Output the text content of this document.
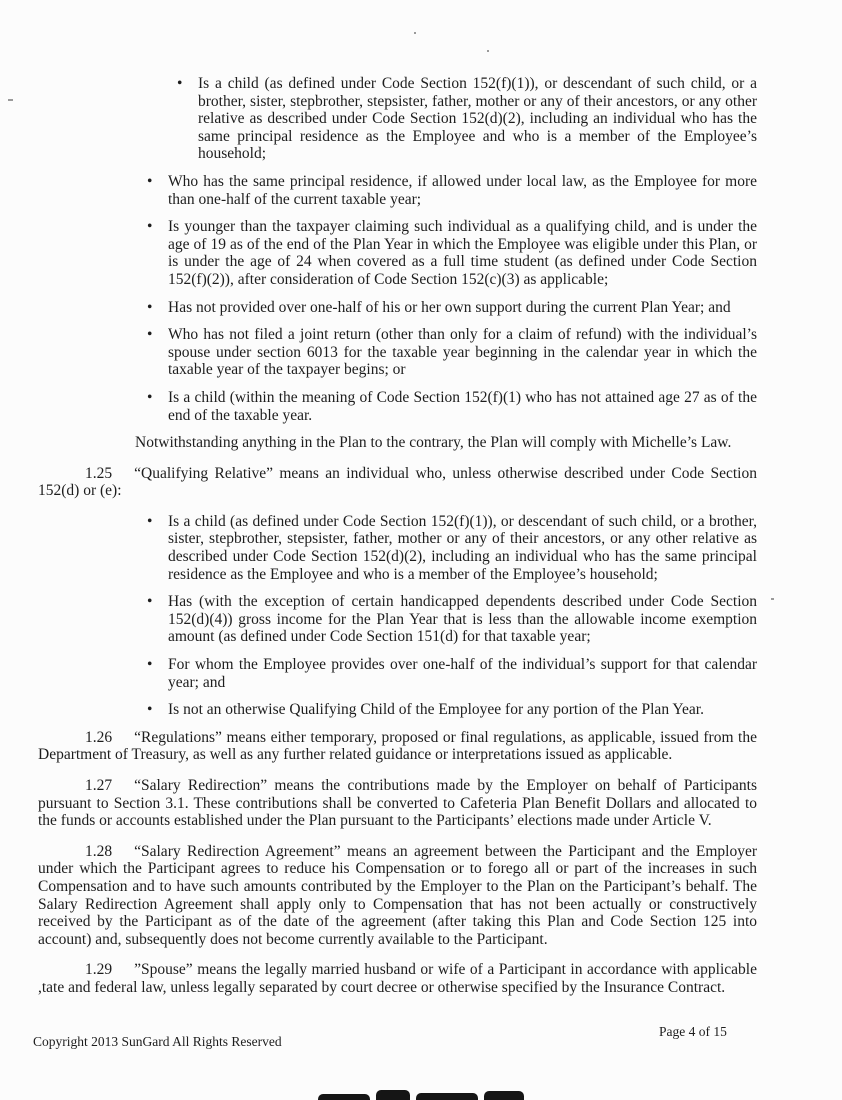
• Is a child (as defined under Code Section 152(f)(1)), or descendant of such child, or a brother, sister, stepbrother, stepsister, father, mother or any of their ancestors, or any other relative as described under Code Section 152(d)(2), including an individual who has the same principal residence as the Employee and who is a member of the Employee’s household;
• Who has the same principal residence, if allowed under local law, as the Employee for more than one-half of the current taxable year;
• Is younger than the taxpayer claiming such individual as a qualifying child, and is under the age of 19 as of the end of the Plan Year in which the Employee was eligible under this Plan, or is under the age of 24 when covered as a full time student (as defined under Code Section 152(f)(2)), after consideration of Code Section 152(c)(3) as applicable;
• Has not provided over one-half of his or her own support during the current Plan Year; and
• Who has not filed a joint return (other than only for a claim of refund) with the individual’s spouse under section 6013 for the taxable year beginning in the calendar year in which the taxable year of the taxpayer begins; or
• Is a child (within the meaning of Code Section 152(f)(1) who has not attained age 27 as of the end of the taxable year.

Notwithstanding anything in the Plan to the contrary, the Plan will comply with Michelle’s Law.

1.25 “Qualifying Relative” means an individual who, unless otherwise described under Code Section 152(d) or (e):

• Is a child (as defined under Code Section 152(f)(1)), or descendant of such child, or a brother, sister, stepbrother, stepsister, father, mother or any of their ancestors, or any other relative as described under Code Section 152(d)(2), including an individual who has the same principal residence as the Employee and who is a member of the Employee’s household;
• Has (with the exception of certain handicapped dependents described under Code Section 152(d)(4)) gross income for the Plan Year that is less than the allowable income exemption amount (as defined under Code Section 151(d) for that taxable year;
• For whom the Employee provides over one-half of the individual’s support for that calendar year; and
• Is not an otherwise Qualifying Child of the Employee for any portion of the Plan Year.

1.26 “Regulations” means either temporary, proposed or final regulations, as applicable, issued from the Department of Treasury, as well as any further related guidance or interpretations issued as applicable.

1.27 “Salary Redirection” means the contributions made by the Employer on behalf of Participants pursuant to Section 3.1. These contributions shall be converted to Cafeteria Plan Benefit Dollars and allocated to the funds or accounts established under the Plan pursuant to the Participants’ elections made under Article V.

1.28 “Salary Redirection Agreement” means an agreement between the Participant and the Employer under which the Participant agrees to reduce his Compensation or to forego all or part of the increases in such Compensation and to have such amounts contributed by the Employer to the Plan on the Participant’s behalf. The Salary Redirection Agreement shall apply only to Compensation that has not been actually or constructively received by the Participant as of the date of the agreement (after taking this Plan and Code Section 125 into account) and, subsequently does not become currently available to the Participant.

1.29 ”Spouse” means the legally married husband or wife of a Participant in accordance with applicable ,tate and federal law, unless legally separated by court decree or otherwise specified by the Insurance Contract.

Copyright 2013 SunGard All Rights Reserved
Page 4 of 15
